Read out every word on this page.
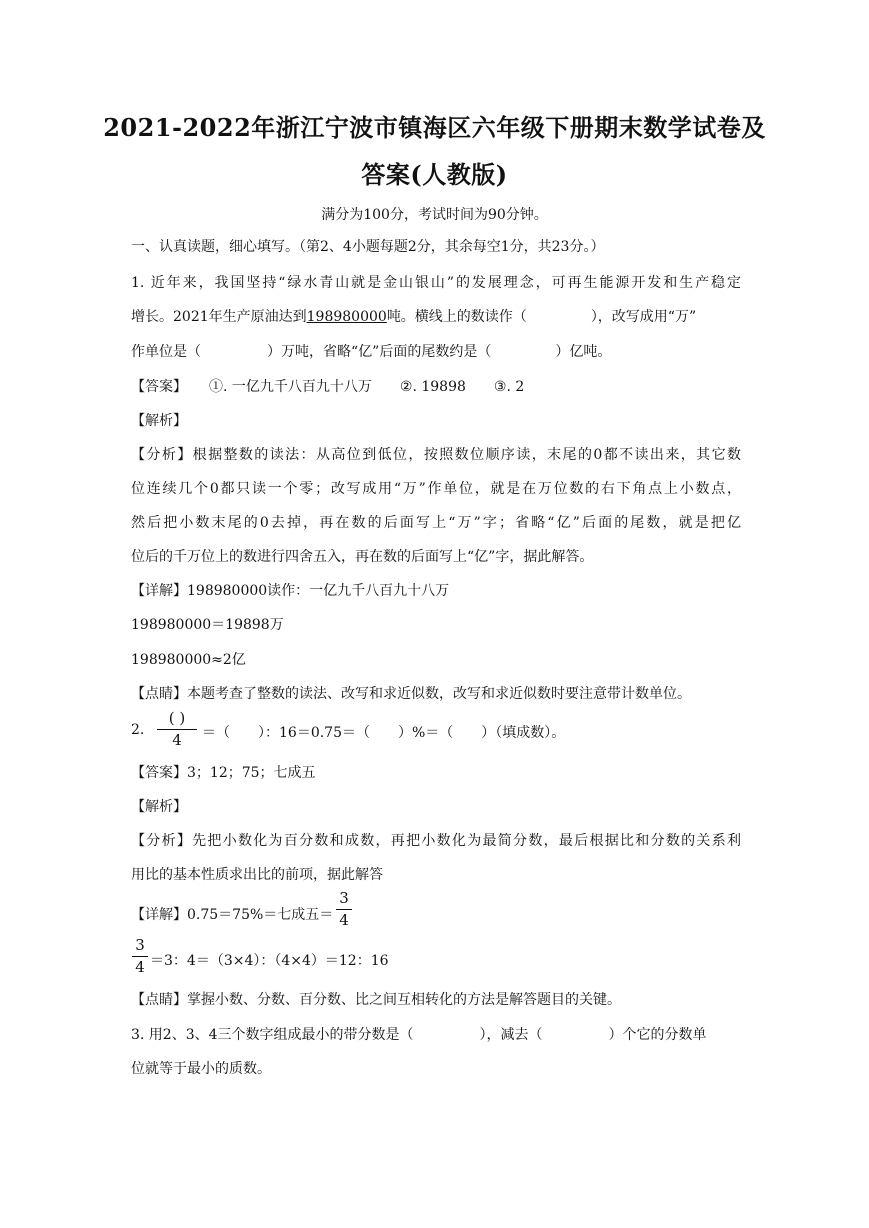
2021-2022年浙江宁波市镇海区六年级下册期末数学试卷及
答案(人教版)
满分为100分，考试时间为90分钟。
一、认真读题，细心填写。（第2、4小题每题2分，其余每空1分，共23分。）
1. 近年来，我国坚持“绿水青山就是金山银山”的发展理念，可再生能源开发和生产稳定
增长。2021年生产原油达到198980000吨。横线上的数读作（	），改写成用“万”
作单位是（	）万吨，省略“亿”后面的尾数约是（	）亿吨。
【答案】 ①. 一亿九千八百九十八万 ②. 19898 ③. 2
【解析】
【分析】根据整数的读法：从高位到低位，按照数位顺序读，末尾的0都不读出来，其它数
位连续几个0都只读一个零；改写成用“万”作单位，就是在万位数的右下角点上小数点，
然后把小数末尾的0去掉，再在数的后面写上“万”字；省略“亿”后面的尾数，就是把亿
位后的千万位上的数进行四舍五入，再在数的后面写上“亿”字，据此解答。
【详解】198980000读作：一亿九千八百九十八万
198980000＝19898万
198980000≈2亿
【点睛】本题考查了整数的读法、改写和求近似数，改写和求近似数时要注意带计数单位。
2.
( )
4	＝（　　）：16＝0.75＝（　　）%＝（　　）（填成数）。
【答案】3；12；75；七成五
【解析】
【分析】先把小数化为百分数和成数，再把小数化为最简分数，最后根据比和分数的关系利
用比的基本性质求出比的前项，据此解答
【详解】0.75＝75%＝七成五＝
3
4
3
4 ＝3：4＝（3×4）：（4×4）＝12：16
【点睛】掌握小数、分数、百分数、比之间互相转化的方法是解答题目的关键。
3. 用2、3、4三个数字组成最小的带分数是（	），减去（	）个它的分数单
位就等于最小的质数。
